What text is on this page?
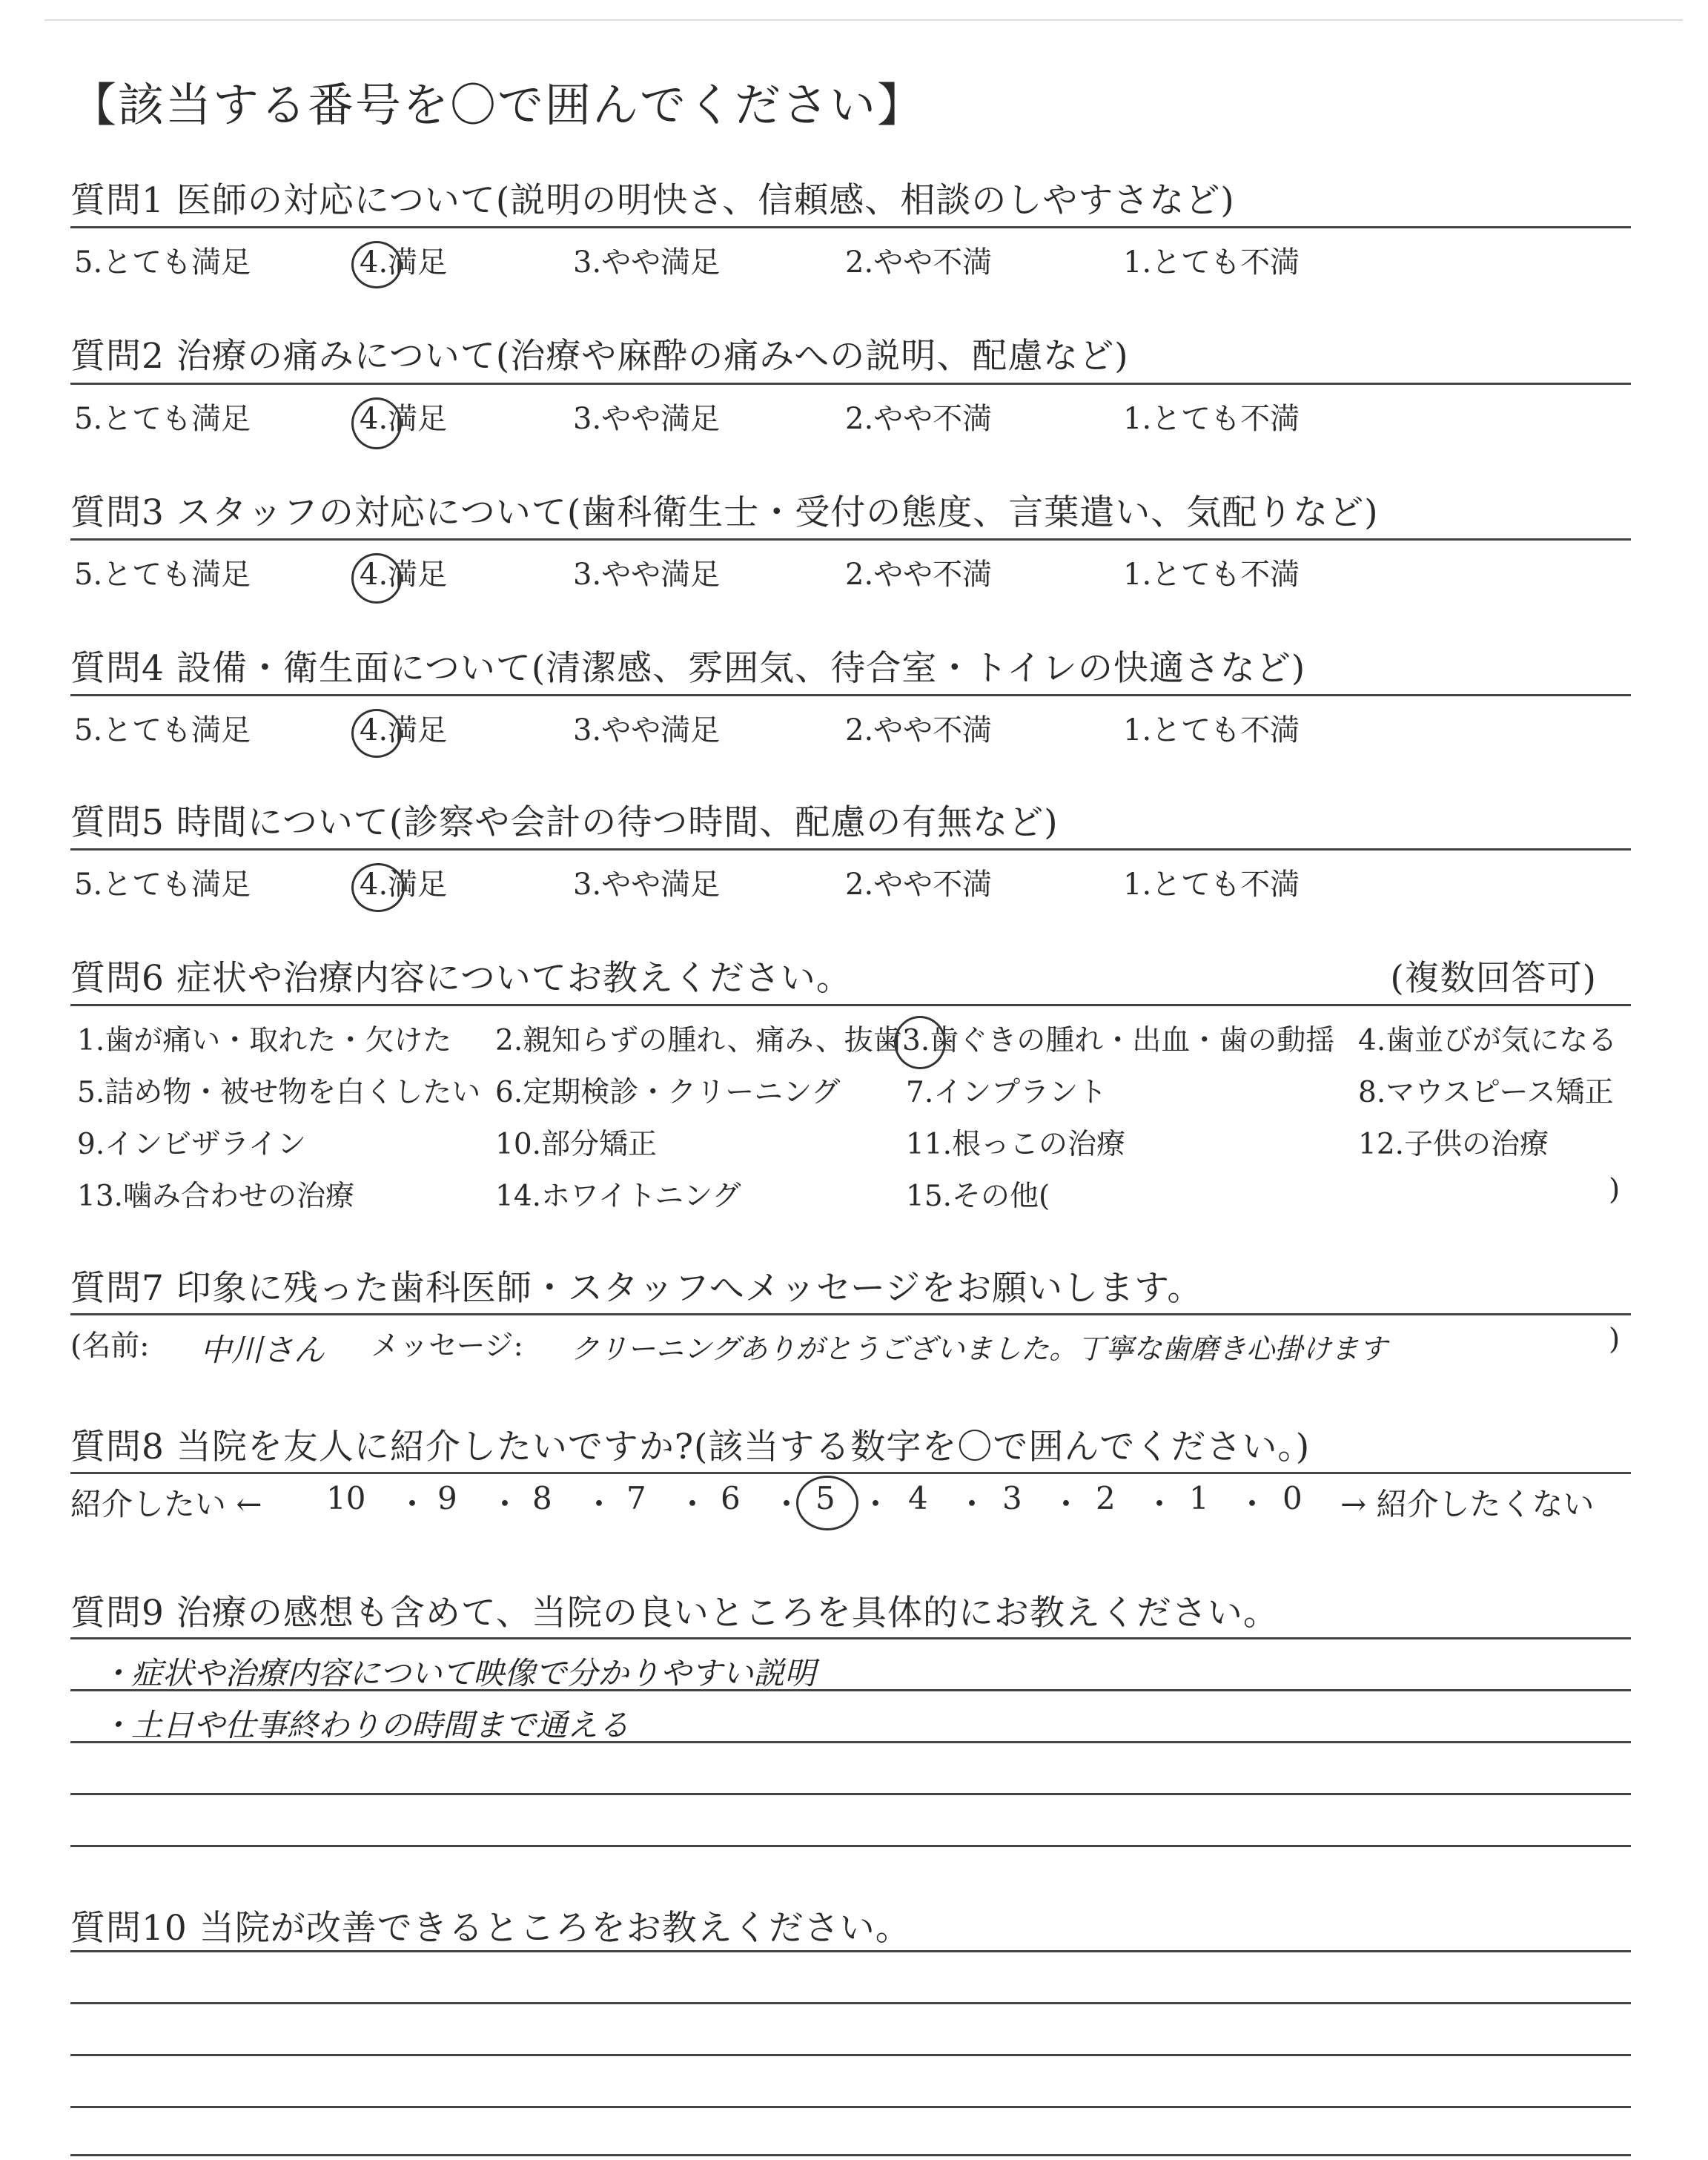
【該当する番号を〇で囲んでください】
質問1 医師の対応について(説明の明快さ、信頼感、相談のしやすさなど)
5.とても満足	4.満足	3.やや満足	2.やや不満	1.とても不満
質問2 治療の痛みについて(治療や麻酔の痛みへの説明、配慮など)
5.とても満足	4.満足	3.やや満足	2.やや不満	1.とても不満
質問3 スタッフの対応について(歯科衛生士・受付の態度、言葉遣い、気配りなど)
5.とても満足	4.満足	3.やや満足	2.やや不満	1.とても不満
質問4 設備・衛生面について(清潔感、雰囲気、待合室・トイレの快適さなど)
5.とても満足	4.満足	3.やや満足	2.やや不満	1.とても不満
質問5 時間について(診察や会計の待つ時間、配慮の有無など)
5.とても満足	4.満足	3.やや満足	2.やや不満	1.とても不満
質問6 症状や治療内容についてお教えください。	(複数回答可)
1.歯が痛い・取れた・欠けた 2.親知らずの腫れ、痛み、抜歯 3.歯ぐきの腫れ・出血・歯の動揺 4.歯並びが気になる
5.詰め物・被せ物を白くしたい 6.定期検診・クリーニング 7.インプラント	8.マウスピース矯正
9.インビザライン	10.部分矯正	11.根っこの治療	12.子供の治療
13.噛み合わせの治療	14.ホワイトニング	15.その他(	)
質問7 印象に残った歯科医師・スタッフへメッセージをお願いします。
(名前: 中川さん メッセージ: クリーニングありがとうございました。丁寧な歯磨き心掛けます	)
質問8 当院を友人に紹介したいですか?(該当する数字を〇で囲んでください。)
紹介したい ← 10 ・ 9 ・ 8 ・ 7 ・ 6 ・ 5 ・ 4 ・ 3 ・ 2 ・ 1 ・ 0 → 紹介したくない
質問9 治療の感想も含めて、当院の良いところを具体的にお教えください。
・症状や治療内容について映像で分かりやすい説明
・土日や仕事終わりの時間まで通える
質問10 当院が改善できるところをお教えください。
